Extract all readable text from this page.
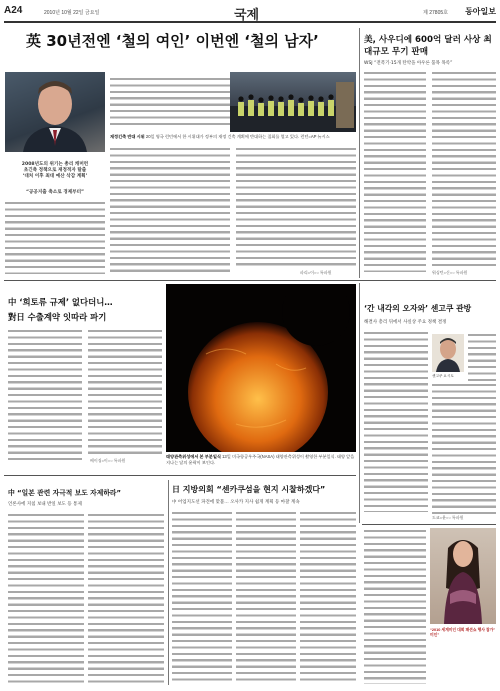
A24	2010년 10월 22일 금요일	국제	제 27805호 동아일보
英 30년전엔 ‘철의 여인’ 이번엔 ‘철의 남자’
2008년도의 위기는 총리 캐머런
초긴축 정책으로 재정적자 탈출
‘대처 이후 최대 예산 삭감 계획’
“공공지출 축소로 경제부터”
재정긴축 반대 시위 20일 영국 런던에서 한 시위대가 정부의 재정 긴축 계획에 반대하는 집회를 열고 있다. 런던=AP 뉴시스
파리=이○○ 특파원
美, 사우디에 600억 달러 사상 최대규모 무기 판매
WSJ “전폭기·15개 탄약을 아우른 품목 목록”
워싱턴=신○○ 특파원
中 ‘희토류 규제’ 없다더니…
對日 수출계약 잇따라 파기
베이징=이○○ 특파원
태양관측위성에서 본 부분일식 13일 미국항공우주국(NASA) 태양관측위성이 촬영한 부분일식. 태양 앞을 지나는 달의 윤곽이 보인다.
‘간 내각의 오자와’ 센고쿠 관방
해결사 총리 뒤에서 사실상 주요 정책 결정
센고쿠 요시토
도쿄=윤○○ 특파원
日 지방의회 “센카쿠섬을 현지 시찰하겠다”
中 어업지도선 파견에 맞불… 오사카 지사 쉽게 계획 등 마찰 계속
中 “일본 관련 자극적 보도 자제하라”
언론사에 지침 보내 반일 보도 등 통제
“2010 세계미인 대회 패션쇼 행사 참가” 미인”
